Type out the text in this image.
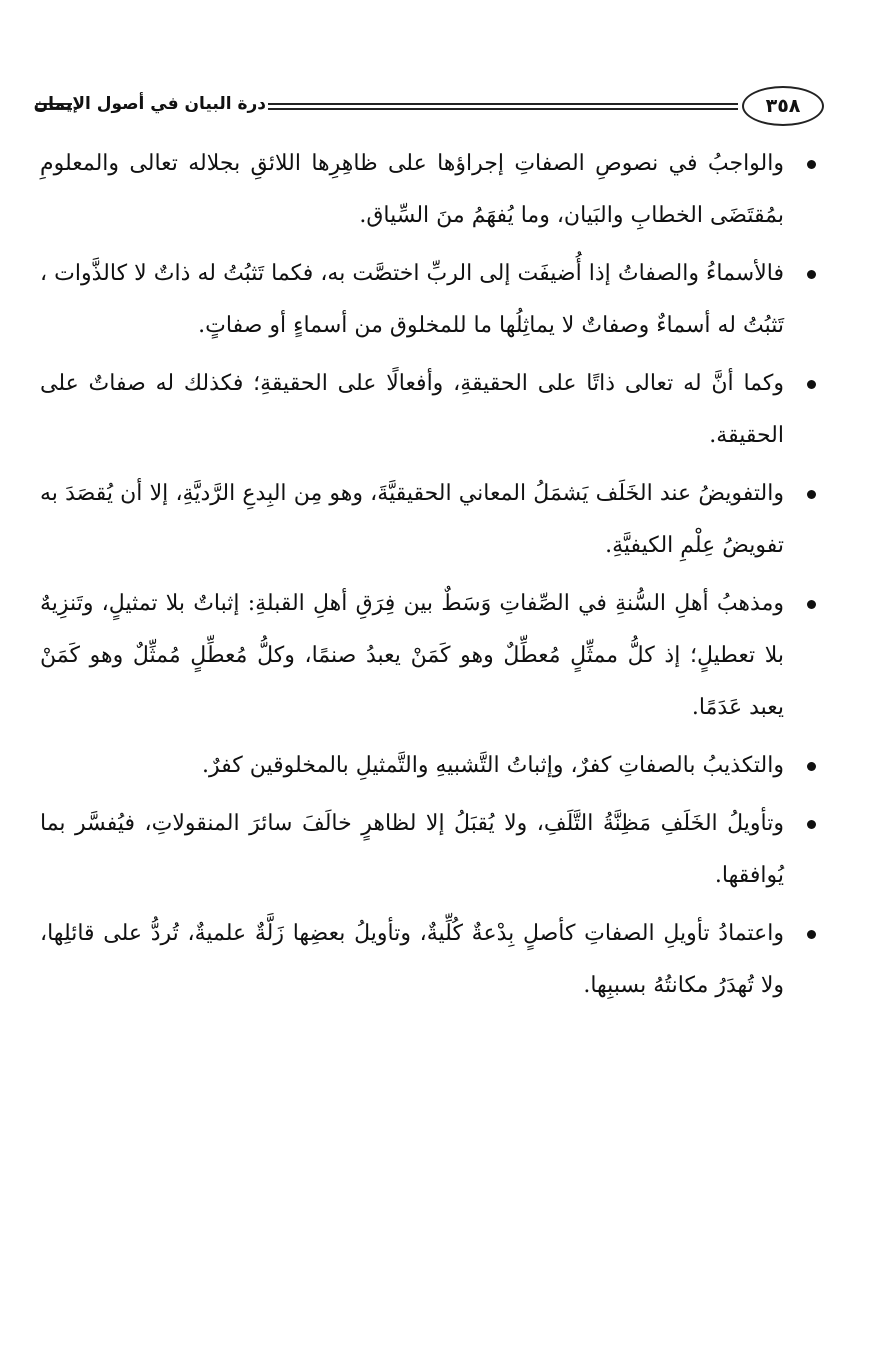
درة البيان في أصول الإيمان	٣٥٨
والواجبُ في نصوصِ الصفاتِ إجراؤها على ظاهِرِها اللائقِ بجلاله تعالى والمعلومِ بمُقتَضَى الخطابِ والبَيان، وما يُفهَمُ منَ السِّياق.
فالأسماءُ والصفاتُ إذا أُضيفَت إلى الربِّ اختصَّت به، فكما تَثبُتُ له ذاتٌ لا كالذَّوات ، تَثبُتُ له أسماءٌ وصفاتٌ لا يماثِلُها ما للمخلوق من أسماءٍ أو صفاتٍ.
وكما أنَّ له تعالى ذاتًا على الحقيقةِ، وأفعالًا على الحقيقةِ؛ فكذلك له صفاتٌ على الحقيقة.
والتفويضُ عند الخَلَف يَشمَلُ المعاني الحقيقيَّةَ، وهو مِن البِدعِ الرَّديَّةِ، إلا أن يُقصَدَ به تفويضُ عِلْمِ الكيفيَّةِ.
ومذهبُ أهلِ السُّنةِ في الصِّفاتِ وَسَطٌ بين فِرَقِ أهلِ القبلةِ: إثباتٌ بلا تمثيلٍ، وتَنزِيهٌ بلا تعطيلٍ؛ إذ كلُّ ممثِّلٍ مُعطِّلٌ وهو كَمَنْ يعبدُ صنمًا، وكلُّ مُعطِّلٍ مُمثِّلٌ وهو كَمَنْ يعبد عَدَمًا.
والتكذيبُ بالصفاتِ كفرٌ، وإثباتُ التَّشبيهِ والتَّمثيلِ بالمخلوقين كفرٌ.
وتأويلُ الخَلَفِ مَظِنَّةُ التَّلَفِ، ولا يُقبَلُ إلا لظاهرٍ خالَفَ سائرَ المنقولاتِ، فيُفسَّر بما يُوافقها.
واعتمادُ تأويلِ الصفاتِ كأصلٍ بِدْعةٌ كُلِّيةٌ، وتأويلُ بعضِها زَلَّةٌ علميةٌ، تُردُّ على قائلِها، ولا تُهدَرُ مكانتُهُ بسببِها.
